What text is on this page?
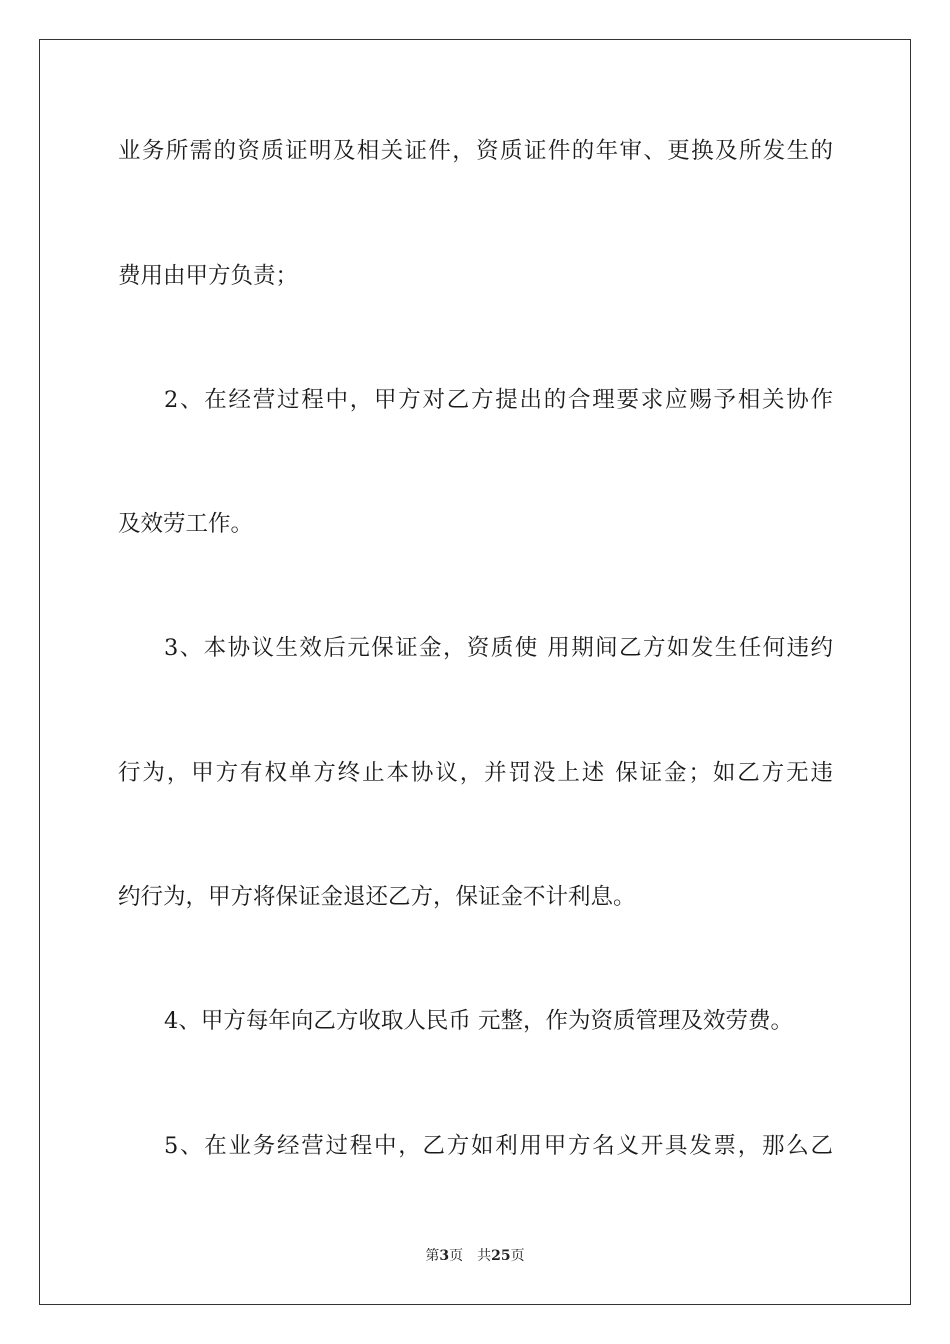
业务所需的资质证明及相关证件，资质证件的年审、更换及所发生的
费用由甲方负责；
2、在经营过程中，甲方对乙方提出的合理要求应赐予相关协作
及效劳工作。
3、本协议生效后元保证金，资质使 用期间乙方如发生任何违约
行为，甲方有权单方终止本协议，并罚没上述 保证金；如乙方无违
约行为，甲方将保证金退还乙方，保证金不计利息。
4、甲方每年向乙方收取人民币 元整，作为资质管理及效劳费。
5、在业务经营过程中，乙方如利用甲方名义开具发票，那么乙
第3页 共25页
